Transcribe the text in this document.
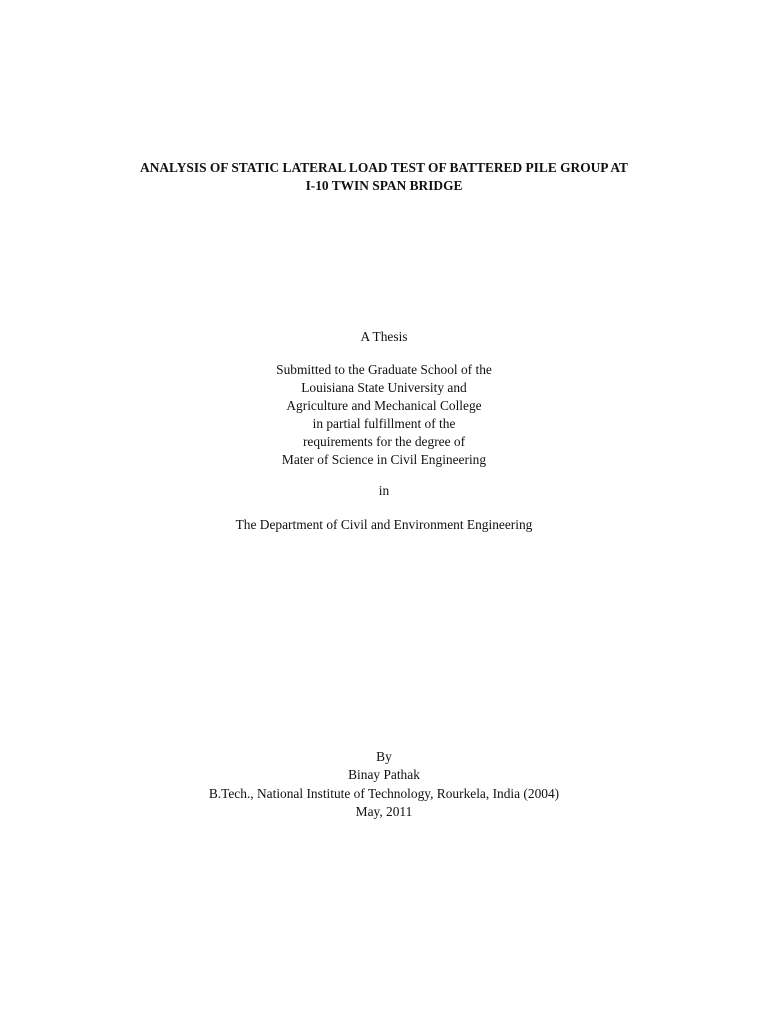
ANALYSIS OF STATIC LATERAL LOAD TEST OF BATTERED PILE GROUP AT
I-10 TWIN SPAN BRIDGE
A Thesis
Submitted to the Graduate School of the
Louisiana State University and
Agriculture and Mechanical College
in partial fulfillment of the
requirements for the degree of
Mater of Science in Civil Engineering
in
The Department of Civil and Environment Engineering
By
Binay Pathak
B.Tech., National Institute of Technology, Rourkela, India (2004)
May, 2011
